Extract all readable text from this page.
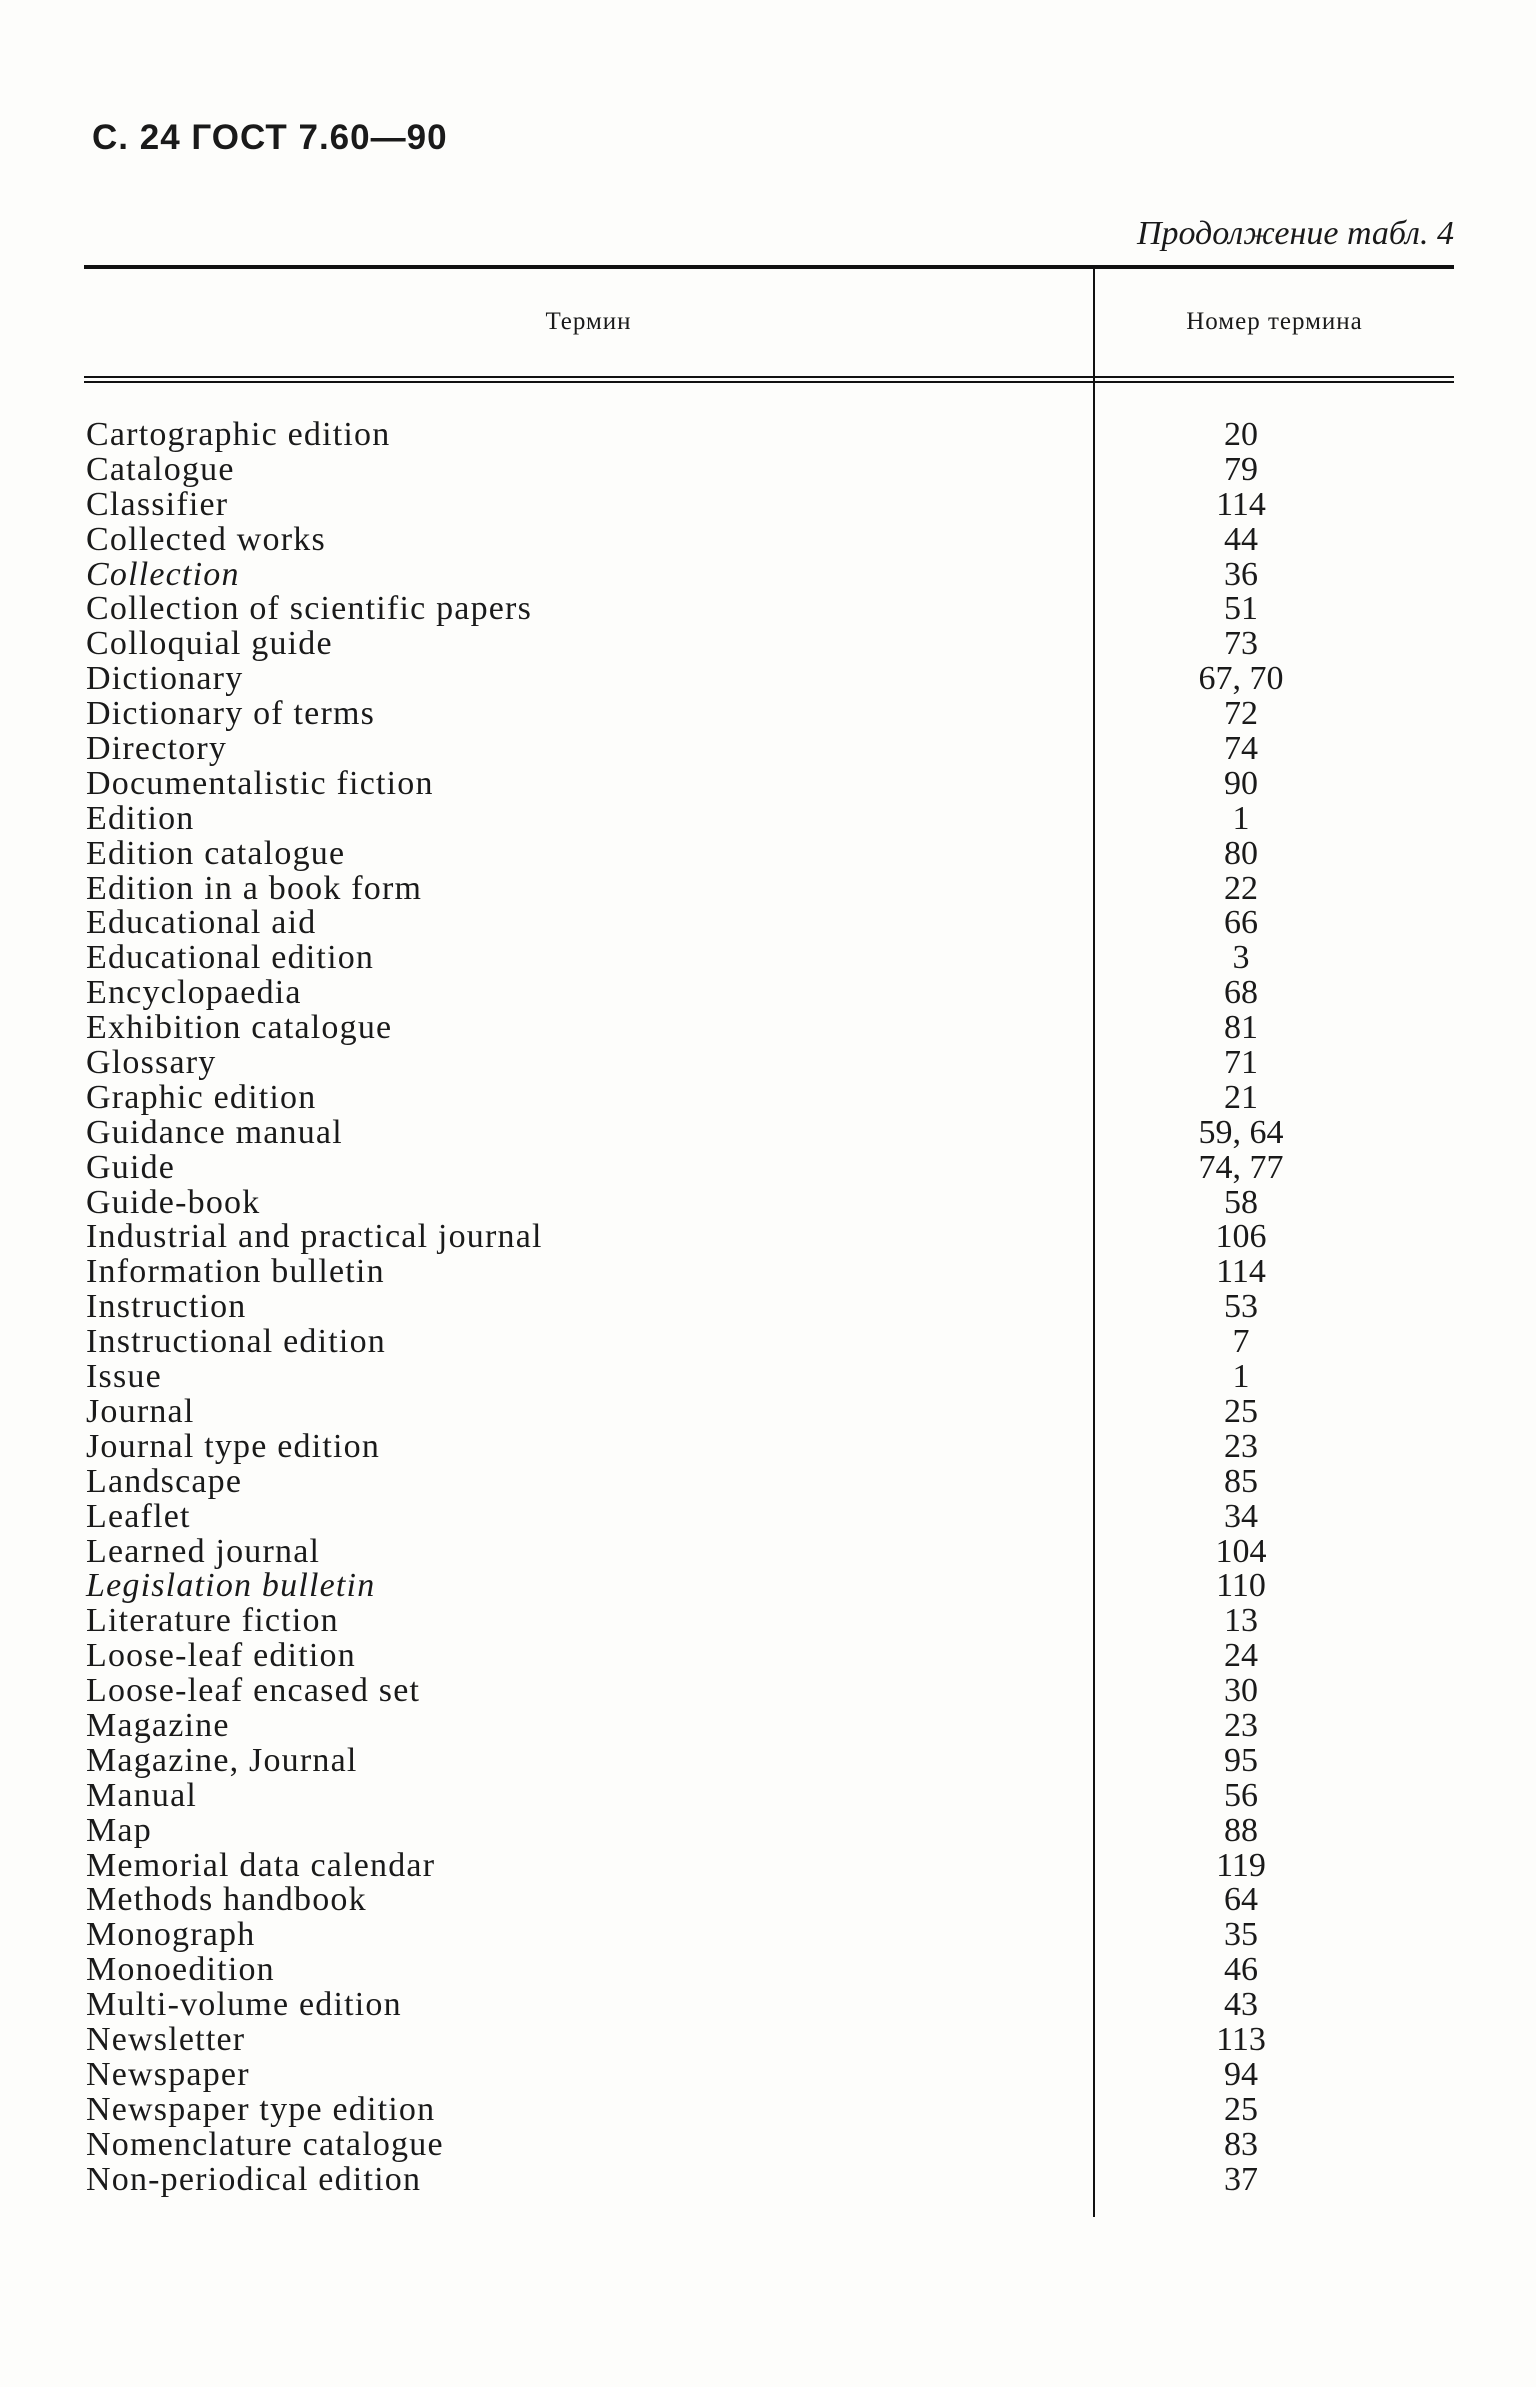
С. 24 ГОСТ 7.60—90
Продолжение табл. 4
Термин	Номер термина
Cartographic edition	20
Catalogue	79
Classifier	114
Collected works	44
Collection	36
Collection of scientific papers	51
Colloquial guide	73
Dictionary	67, 70
Dictionary of terms	72
Directory	74
Documentalistic fiction	90
Edition	1
Edition catalogue	80
Edition in a book form	22
Educational aid	66
Educational edition	3
Encyclopaedia	68
Exhibition catalogue	81
Glossary	71
Graphic edition	21
Guidance manual	59, 64
Guide	74, 77
Guide-book	58
Industrial and practical journal	106
Information bulletin	114
Instruction	53
Instructional edition	7
Issue	1
Journal	25
Journal type edition	23
Landscape	85
Leaflet	34
Learned journal	104
Legislation bulletin	110
Literature fiction	13
Loose-leaf edition	24
Loose-leaf encased set	30
Magazine	23
Magazine, Journal	95
Manual	56
Map	88
Memorial data calendar	119
Methods handbook	64
Monograph	35
Monoedition	46
Multi-volume edition	43
Newsletter	113
Newspaper	94
Newspaper type edition	25
Nomenclature catalogue	83
Non-periodical edition	37
